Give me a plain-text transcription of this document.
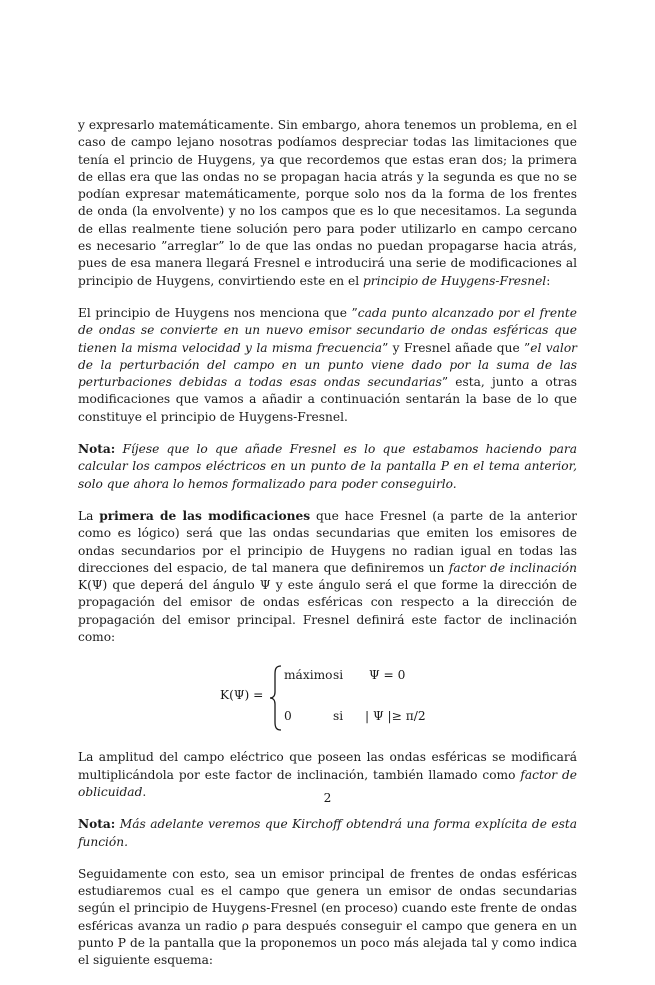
y expresarlo matemáticamente. Sin embargo, ahora tenemos un problema, en el caso de campo lejano nosotras podíamos despreciar todas las limitaciones que tenía el princio de Huygens, ya que recordemos que estas eran dos; la primera de ellas era que las ondas no se propagan hacia atrás y la segunda es que no se podían expresar matemáticamente, porque solo nos da la forma de los frentes de onda (la envolvente) y no los campos que es lo que necesitamos. La segunda de ellas realmente tiene solución pero para poder utilizarlo en campo cercano es necesario ”arreglar” lo de que las ondas no puedan propagarse hacia atrás, pues de esa manera llegará Fresnel e introducirá una serie de modificaciones al principio de Huygens, convirtiendo este en el principio de Huygens-Fresnel:

El principio de Huygens nos menciona que ”cada punto alcanzado por el frente de ondas se convierte en un nuevo emisor secundario de ondas esféricas que tienen la misma velocidad y la misma frecuencia” y Fresnel añade que ”el valor de la perturbación del campo en un punto viene dado por la suma de las perturbaciones debidas a todas esas ondas secundarias” esta, junto a otras modificaciones que vamos a añadir a continuación sentarán la base de lo que constituye el principio de Huygens-Fresnel.

Nota: Fíjese que lo que añade Fresnel es lo que estabamos haciendo para calcular los campos eléctricos en un punto de la pantalla P en el tema anterior, solo que ahora lo hemos formalizado para poder conseguirlo.

La primera de las modificaciones que hace Fresnel (a parte de la anterior como es lógico) será que las ondas secundarias que emiten los emisores de ondas secundarios por el principio de Huygens no radian igual en todas las direcciones del espacio, de tal manera que definiremos un factor de inclinación K(Ψ) que deperá del ángulo Ψ y este ángulo será el que forme la dirección de propagación del emisor de ondas esféricas con respecto a la dirección de propagación del emisor principal. Fresnel definirá este factor de inclinación como:

K(Ψ) =
máximo si Ψ = 0
0	si | Ψ |≥ π/2

La amplitud del campo eléctrico que poseen las ondas esféricas se modificará multiplicándola por este factor de inclinación, también llamado como factor de oblicuidad.

Nota: Más adelante veremos que Kirchoff obtendrá una forma explícita de esta función.

Seguidamente con esto, sea un emisor principal de frentes de ondas esféricas estudiaremos cual es el campo que genera un emisor de ondas secundarias según el principio de Huygens-Fresnel (en proceso) cuando este frente de ondas esféricas avanza un radio ρ para después conseguir el campo que genera en un punto P de la pantalla que la proponemos un poco más alejada tal y como indica el siguiente esquema:

2
